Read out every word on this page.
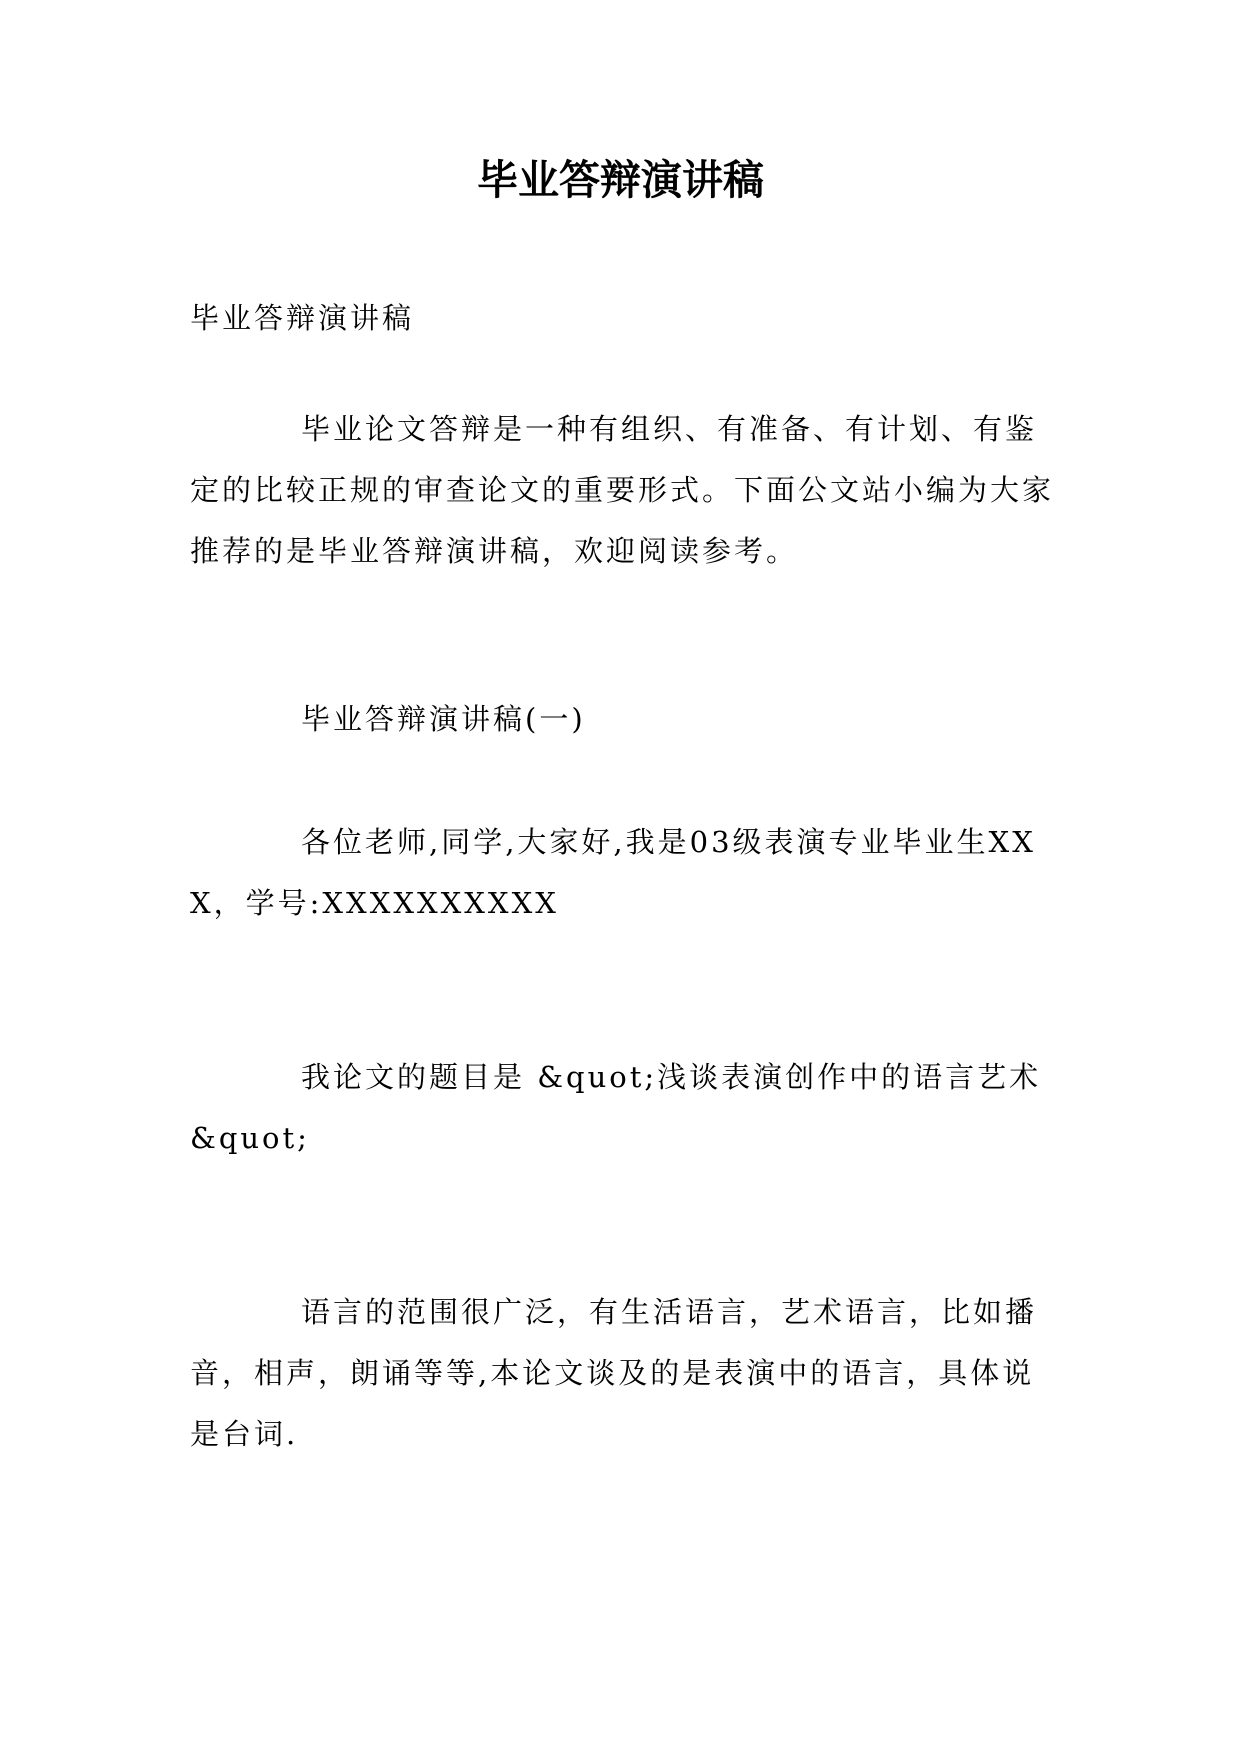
毕业答辩演讲稿

毕业答辩演讲稿

毕业论文答辩是一种有组织、有准备、有计划、有鉴定的比较正规的审查论文的重要形式。下面公文站小编为大家推荐的是毕业答辩演讲稿，欢迎阅读参考。

毕业答辩演讲稿(一)

各位老师,同学,大家好,我是03级表演专业毕业生XXX，学号:XXXXXXXXXX

我论文的题目是 &quot;浅谈表演创作中的语言艺术&quot;

语言的范围很广泛，有生活语言，艺术语言，比如播音，相声，朗诵等等,本论文谈及的是表演中的语言，具体说是台词.
